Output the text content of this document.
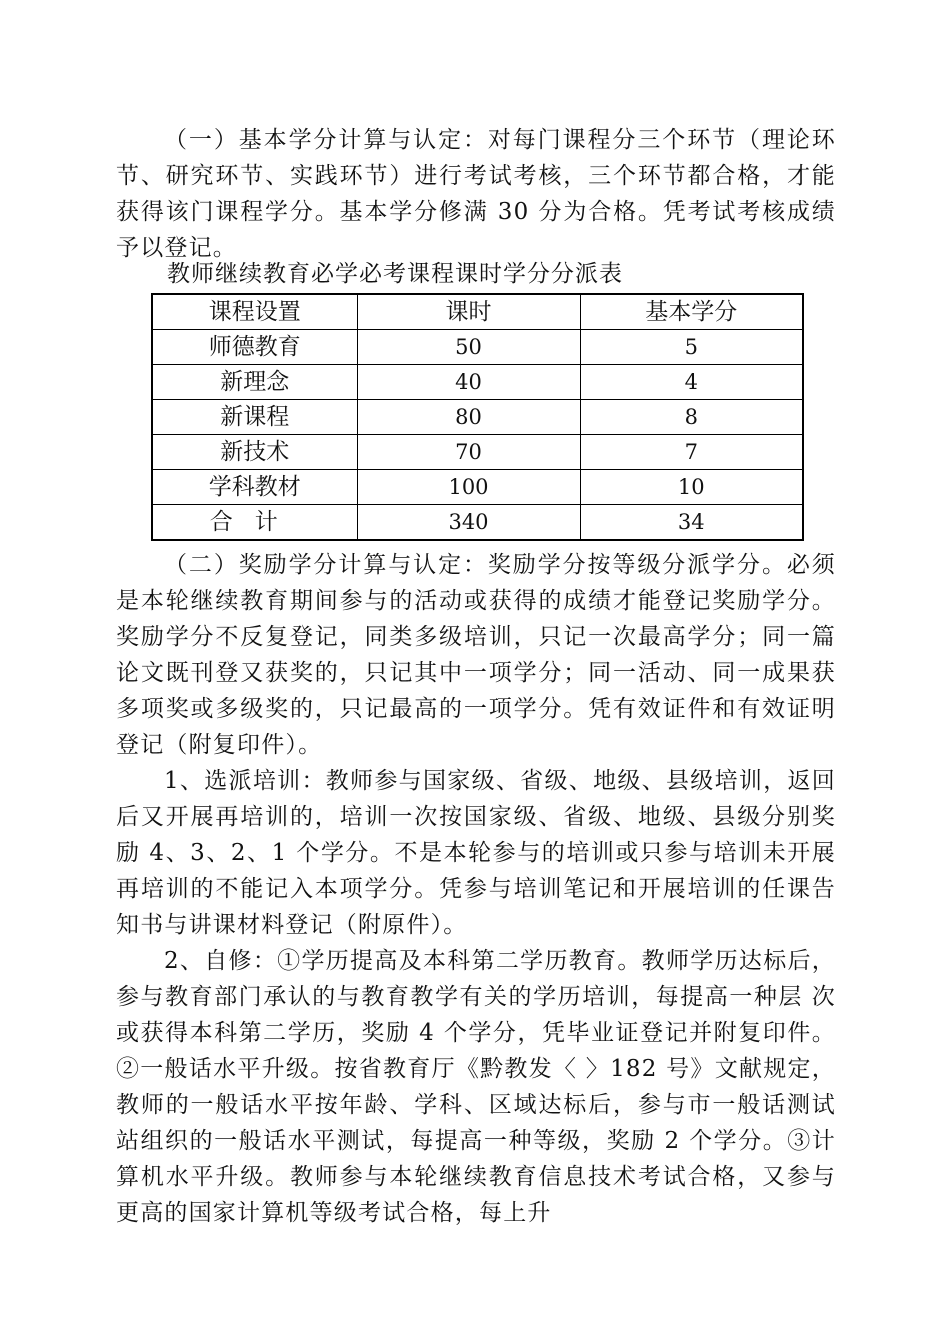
（一）基本学分计算与认定：对每门课程分三个环节（理论环节、研究环节、实践环节）进行考试考核，三个环节都合格，才能获得该门课程学分。基本学分修满 30 分为合格。凭考试考核成绩予以登记。

教师继续教育必学必考课程课时学分分派表
课程设置	课时	基本学分
师德教育	50	5
新理念	40	4
新课程	80	8
新技术	70	7
学科教材	100	10
合计	340	34

（二）奖励学分计算与认定：奖励学分按等级分派学分。必须是本轮继续教育期间参与的活动或获得的成绩才能登记奖励学分。奖励学分不反复登记，同类多级培训，只记一次最高学分；同一篇论文既刊登又获奖的，只记其中一项学分；同一活动、同一成果获多项奖或多级奖的，只记最高的一项学分。凭有效证件和有效证明登记（附复印件）。

1、选派培训：教师参与国家级、省级、地级、县级培训，返回后又开展再培训的，培训一次按国家级、省级、地级、县级分别奖励 4、3、2、1 个学分。不是本轮参与的培训或只参与培训未开展再培训的不能记入本项学分。凭参与培训笔记和开展培训的任课告知书与讲课材料登记（附原件）。

2、自修：①学历提高及本科第二学历教育。教师学历达标后，参与教育部门承认的与教育教学有关的学历培训，每提高一种层 次或获得本科第二学历，奖励 4 个学分，凭毕业证登记并附复印件。②一般话水平升级。按省教育厅《黔教发〈 〉182 号》文献规定，教师的一般话水平按年龄、学科、区域达标后，参与市一般话测试站组织的一般话水平测试，每提高一种等级，奖励 2 个学分。③计算机水平升级。教师参与本轮继续教育信息技术考试合格，又参与更高的国家计算机等级考试合格，每上升
